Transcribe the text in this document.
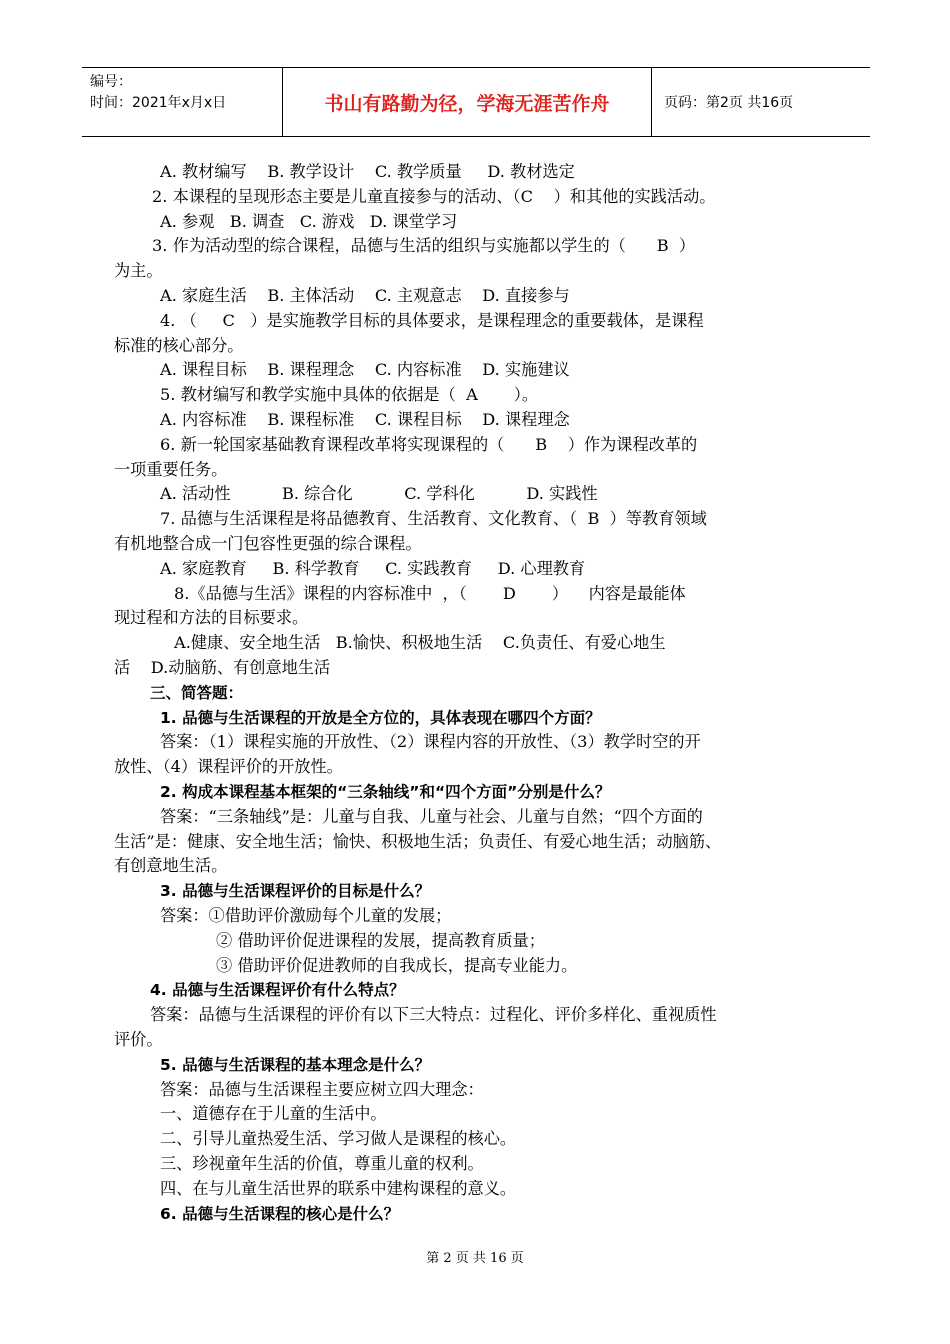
编号：
时间：2021年x月x日	书山有路勤为径，学海无涯苦作舟	页码：第2页 共16页
A. 教材编写    B. 教学设计    C. 教学质量     D. 教材选定
2. 本课程的呈现形态主要是儿童直接参与的活动、（C    ）和其他的实践活动。
A. 参观   B. 调查   C. 游戏   D. 课堂学习
3. 作为活动型的综合课程，品德与生活的组织与实施都以学生的（      B  ）
为主。
A. 家庭生活    B. 主体活动    C. 主观意志    D. 直接参与
4. （     C   ）是实施教学目标的具体要求，是课程理念的重要载体，是课程
标准的核心部分。
A. 课程目标    B. 课程理念    C. 内容标准    D. 实施建议
5. 教材编写和教学实施中具体的依据是（  A       ）。
A. 内容标准    B. 课程标准    C. 课程目标    D. 课程理念
6. 新一轮国家基础教育课程改革将实现课程的（      B    ）作为课程改革的
一项重要任务。
A. 活动性          B. 综合化          C. 学科化          D. 实践性
7. 品德与生活课程是将品德教育、生活教育、文化教育、（  B  ）等教育领域
有机地整合成一门包容性更强的综合课程。
A. 家庭教育     B. 科学教育     C. 实践教育     D. 心理教育
8.《品德与生活》课程的内容标准中  ，（       D       ）    内容是最能体
现过程和方法的目标要求。
A.健康、安全地生活   B.愉快、积极地生活    C.负责任、有爱心地生
活    D.动脑筋、有创意地生活
三、简答题：
1. 品德与生活课程的开放是全方位的，具体表现在哪四个方面？
答案：（1）课程实施的开放性、（2）课程内容的开放性、（3）教学时空的开
放性、（4）课程评价的开放性。
2. 构成本课程基本框架的“三条轴线”和“四个方面”分别是什么？
答案：“三条轴线”是：儿童与自我、儿童与社会、儿童与自然；“四个方面的
生活”是：健康、安全地生活；愉快、积极地生活；负责任、有爱心地生活；动脑筋、
有创意地生活。
3. 品德与生活课程评价的目标是什么？
答案：①借助评价激励每个儿童的发展；
② 借助评价促进课程的发展，提高教育质量；
③ 借助评价促进教师的自我成长，提高专业能力。
4. 品德与生活课程评价有什么特点？
答案：品德与生活课程的评价有以下三大特点：过程化、评价多样化、重视质性
评价。
5. 品德与生活课程的基本理念是什么？
答案：品德与生活课程主要应树立四大理念：
一、道德存在于儿童的生活中。
二、引导儿童热爱生活、学习做人是课程的核心。
三、珍视童年生活的价值，尊重儿童的权利。
四、在与儿童生活世界的联系中建构课程的意义。
6. 品德与生活课程的核心是什么？
第 2 页 共 16 页
